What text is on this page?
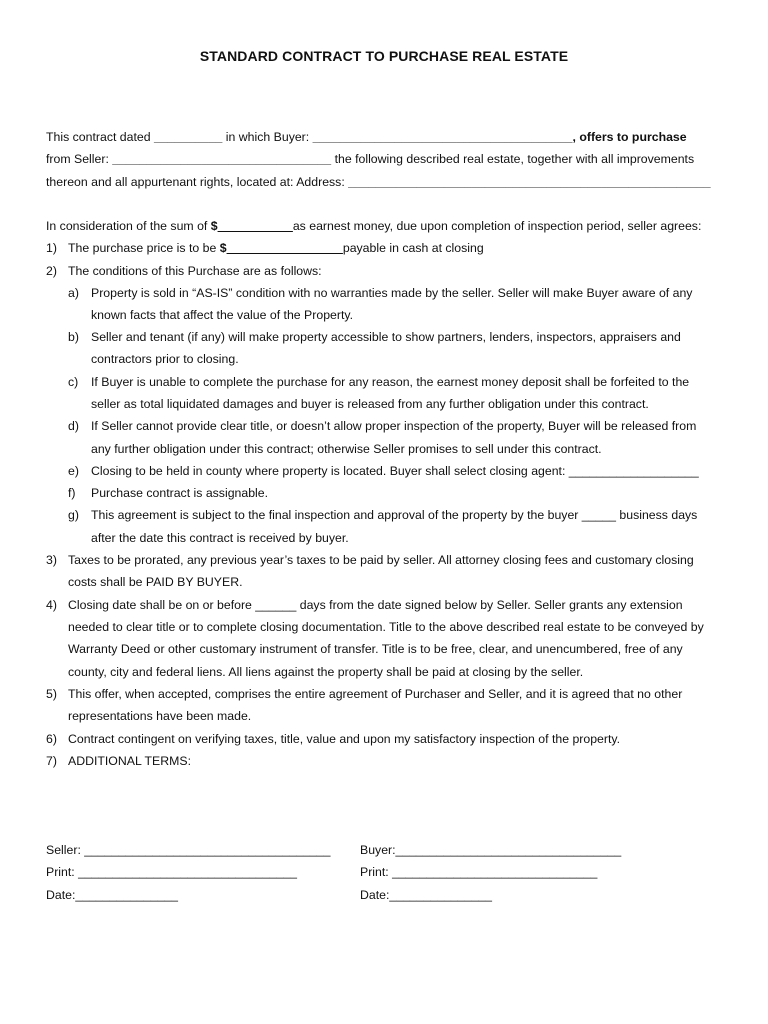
STANDARD CONTRACT TO PURCHASE REAL ESTATE
This contract dated __________ in which Buyer: ______________________________________, offers to purchase
from Seller: ________________________________ the following described real estate, together with all improvements
thereon and all appurtenant rights, located at: Address: _____________________________________________________
In consideration of the sum of $___________as earnest money, due upon completion of inspection period, seller agrees:
1) The purchase price is to be $_________________payable in cash at closing
2) The conditions of this Purchase are as follows:
a) Property is sold in “AS-IS” condition with no warranties made by the seller. Seller will make Buyer aware of any
known facts that affect the value of the Property.
b) Seller and tenant (if any) will make property accessible to show partners, lenders, inspectors, appraisers and
contractors prior to closing.
c) If Buyer is unable to complete the purchase for any reason, the earnest money deposit shall be forfeited to the
seller as total liquidated damages and buyer is released from any further obligation under this contract.
d) If Seller cannot provide clear title, or doesn’t allow proper inspection of the property, Buyer will be released from
any further obligation under this contract; otherwise Seller promises to sell under this contract.
e) Closing to be held in county where property is located. Buyer shall select closing agent: ___________________
f) Purchase contract is assignable.
g) This agreement is subject to the final inspection and approval of the property by the buyer _____ business days
after the date this contract is received by buyer.
3) Taxes to be prorated, any previous year’s taxes to be paid by seller. All attorney closing fees and customary closing
costs shall be PAID BY BUYER.
4) Closing date shall be on or before ______ days from the date signed below by Seller. Seller grants any extension
needed to clear title or to complete closing documentation. Title to the above described real estate to be conveyed by
Warranty Deed or other customary instrument of transfer. Title is to be free, clear, and unencumbered, free of any
county, city and federal liens. All liens against the property shall be paid at closing by the seller.
5) This offer, when accepted, comprises the entire agreement of Purchaser and Seller, and it is agreed that no other
representations have been made.
6) Contract contingent on verifying taxes, title, value and upon my satisfactory inspection of the property.
7) ADDITIONAL TERMS:
Seller: ____________________________________
Print: ________________________________
Date:_______________
Buyer:_________________________________
Print: ______________________________
Date:_______________
